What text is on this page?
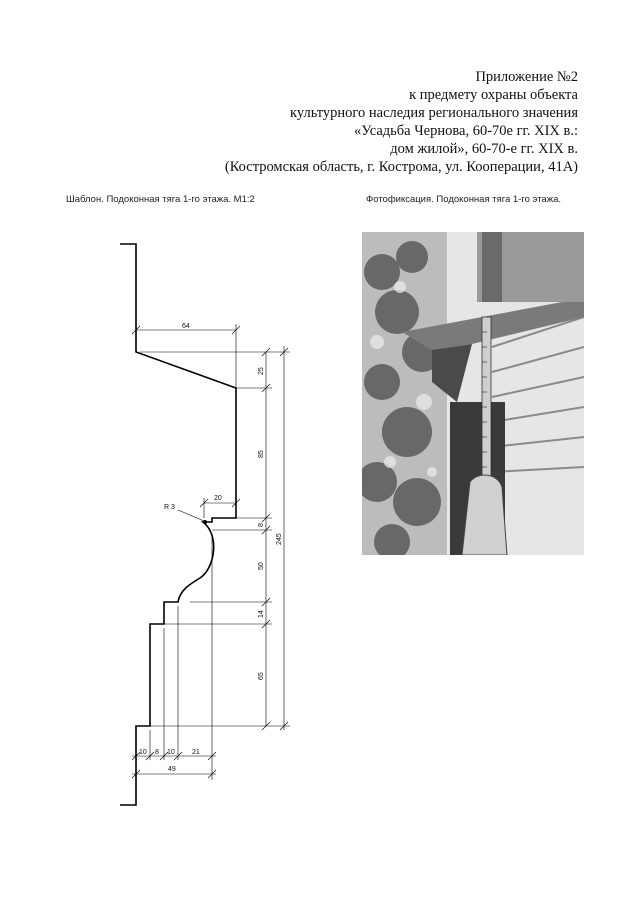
Приложение №2
к предмету охраны объекта
культурного наследия регионального значения
«Усадьба Чернова, 60-70е гг. XIX в.:
дом жилой», 60-70-е гг. XIX в.
(Костромская область, г. Кострома, ул. Кооперации, 41А)
Шаблон. Подоконная тяга 1-го этажа. М1:2	Фотофиксация. Подоконная тяга 1-го этажа.
R 3
64
20
25
85
8
50
14
65
245
10 8 10 21
49
